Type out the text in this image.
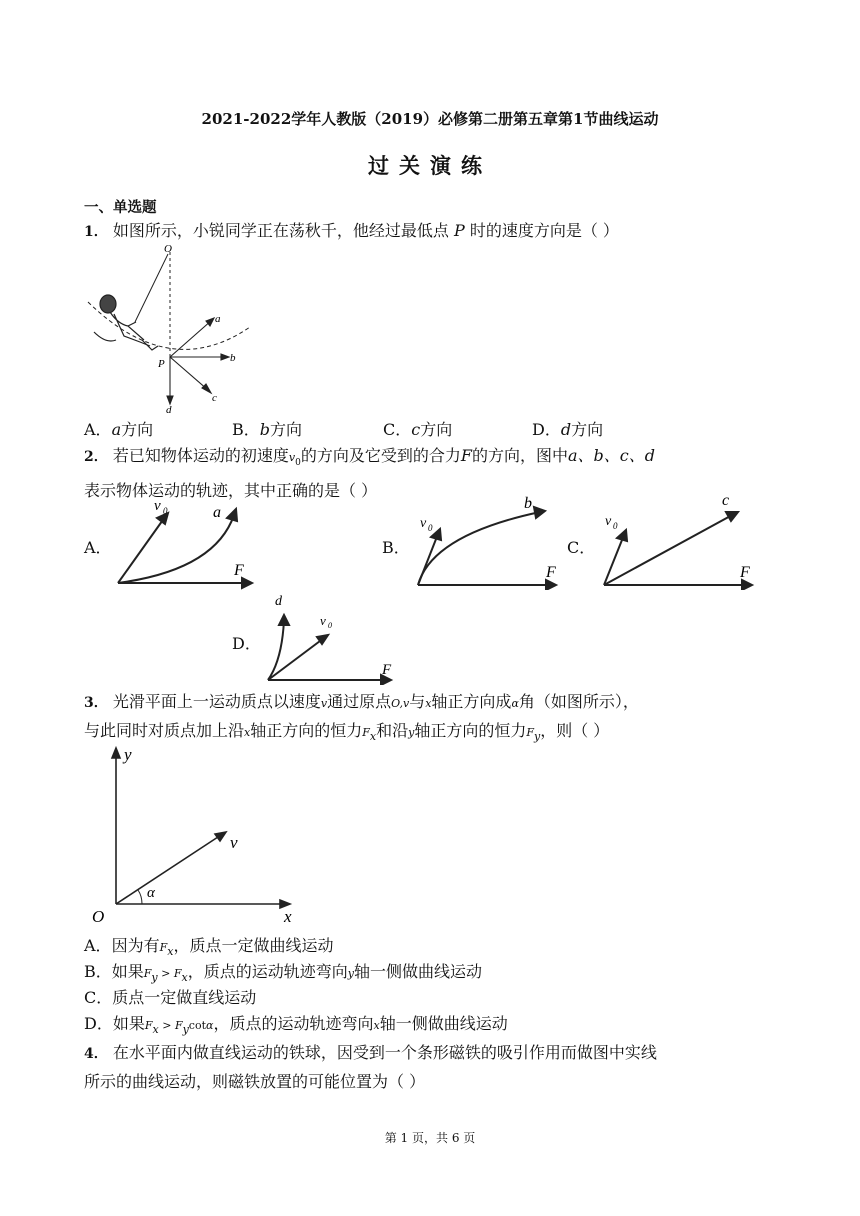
2021-2022学年人教版（2019）必修第二册第五章第1节曲线运动
过关演练
一、单选题
1． 如图所示，小锐同学正在荡秋千，他经过最低点 P 时的速度方向是（ ）
O
P
a
b
c
d
A．a方向	B．b方向	C．c方向	D．d方向
2． 若已知物体运动的初速度$v_0$的方向及它受到的合力F的方向，图中a、b、c、d
表示物体运动的轨迹，其中正确的是（ ）
A．
v 0	a
F
B．
v 0
b
F
C．
v 0
c
F
D．
d
v 0
F
3． 光滑平面上一运动质点以速度v通过原点O,v与x轴正方向成α角（如图所示），
与此同时对质点加上沿x轴正方向的恒力$F_x$和沿y轴正方向的恒力$F_y$，则（ ）
y
v
α
O	x
A．因为有$F_x$，质点一定做曲线运动
B．如果$F_y > F_x$，质点的运动轨迹弯向y轴一侧做曲线运动
C．质点一定做直线运动
D．如果$F_x > F_y\cot\alpha$，质点的运动轨迹弯向x轴一侧做曲线运动
4． 在水平面内做直线运动的铁球，因受到一个条形磁铁的吸引作用而做图中实线
所示的曲线运动，则磁铁放置的可能位置为（ ）
第 1 页，共 6 页
